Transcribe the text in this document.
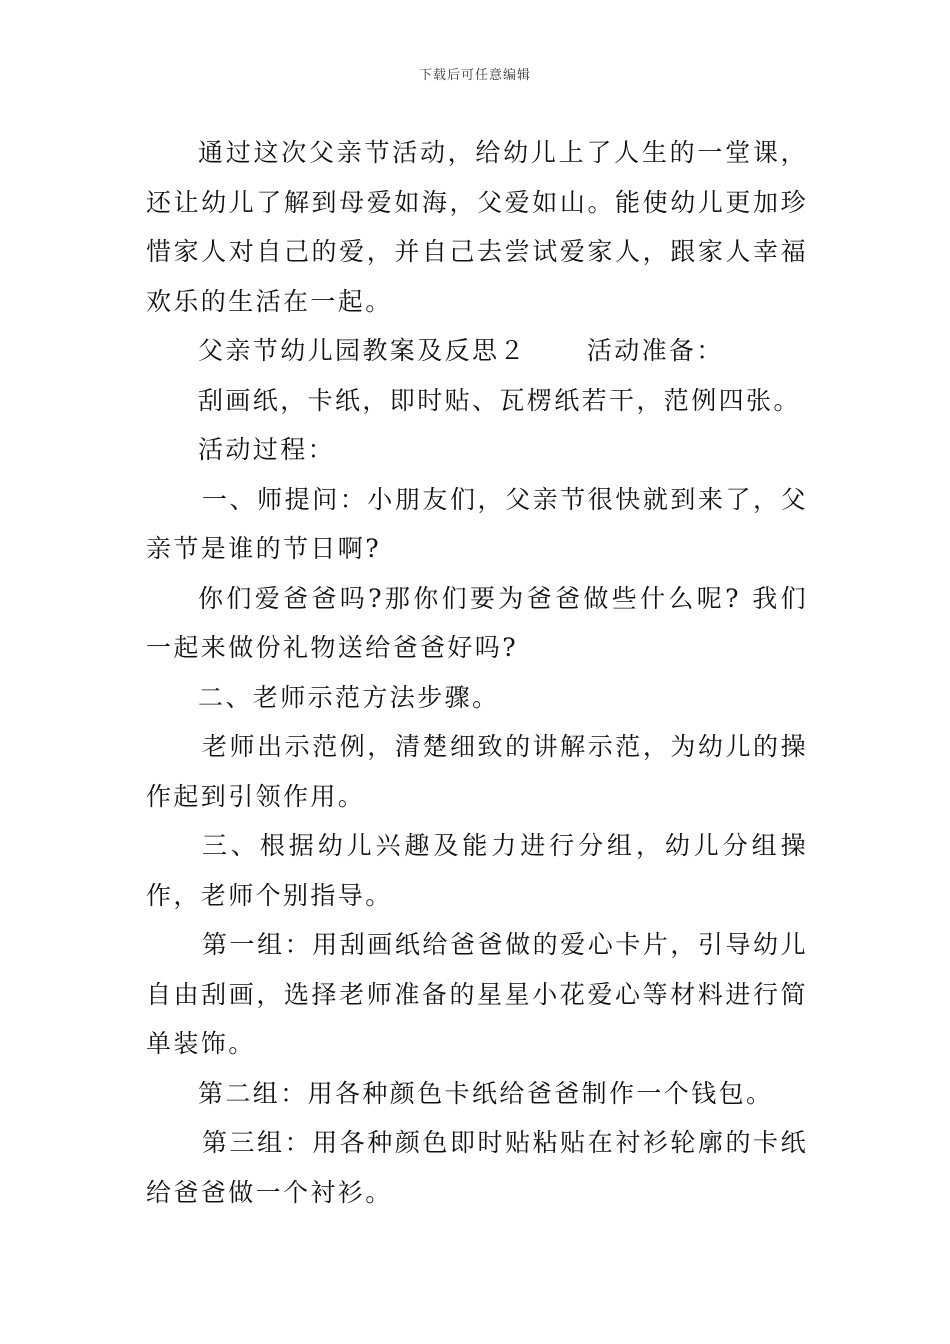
下载后可任意编辑

通过这次父亲节活动，给幼儿上了人生的一堂课，还让幼儿了解到母爱如海，父爱如山。能使幼儿更加珍惜家人对自己的爱，并自己去尝试爱家人，跟家人幸福欢乐的生活在一起。

父亲节幼儿园教案及反思２ 活动准备：

刮画纸，卡纸，即时贴、瓦楞纸若干，范例四张。

活动过程：

一、师提问：小朋友们，父亲节很快就到来了，父亲节是谁的节日啊?

你们爱爸爸吗?那你们要为爸爸做些什么呢? 我们一起来做份礼物送给爸爸好吗?

二、老师示范方法步骤。

老师出示范例，清楚细致的讲解示范，为幼儿的操作起到引领作用。

三、根据幼儿兴趣及能力进行分组，幼儿分组操作，老师个别指导。

第一组：用刮画纸给爸爸做的爱心卡片，引导幼儿自由刮画，选择老师准备的星星小花爱心等材料进行简单装饰。

第二组：用各种颜色卡纸给爸爸制作一个钱包。

第三组：用各种颜色即时贴粘贴在衬衫轮廓的卡纸给爸爸做一个衬衫。
